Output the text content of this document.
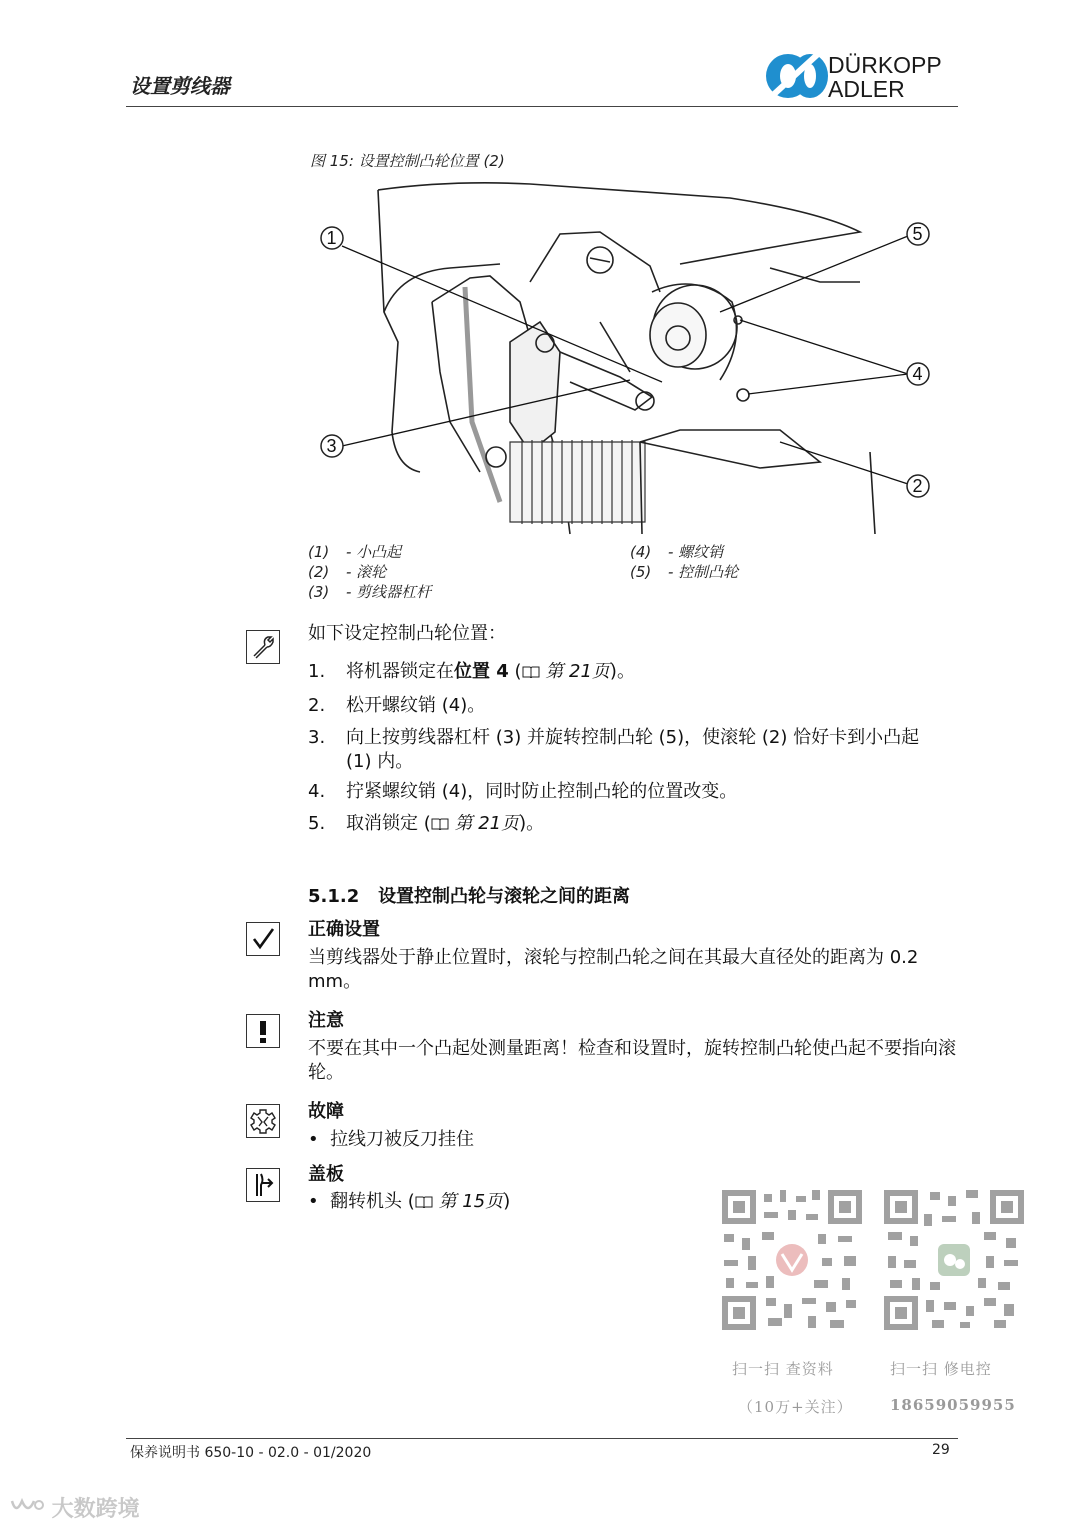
设置剪线器
DÜRKOPP
ADLER
图 15: 设置控制凸轮位置 (2)
1
3
5
4
2
(1) - 小凸起
(2) - 滚轮
(3) - 剪线器杠杆
(4) - 螺纹销
(5) - 控制凸轮
如下设定控制凸轮位置：
1. 将机器锁定在位置 4 ( 第 21页)。
2. 松开螺纹销 (4)。
3. 向上按剪线器杠杆 (3) 并旋转控制凸轮 (5)，使滚轮 (2) 恰好卡到小凸起 (1) 内。
4. 拧紧螺纹销 (4)，同时防止控制凸轮的位置改变。
5. 取消锁定 ( 第 21页)。
5.1.2 设置控制凸轮与滚轮之间的距离
正确设置
当剪线器处于静止位置时，滚轮与控制凸轮之间在其最大直径处的距离为 0.2 mm。
注意
不要在其中一个凸起处测量距离！检查和设置时，旋转控制凸轮使凸起不要指向滚轮。
故障
•  拉线刀被反刀挂住
盖板
•  翻转机头 ( 第 15页)
扫一扫 查资料
（10万+关注）
扫一扫 修电控
18659059955
保养说明书 650-10 - 02.0 - 01/2020	29
大数跨境
